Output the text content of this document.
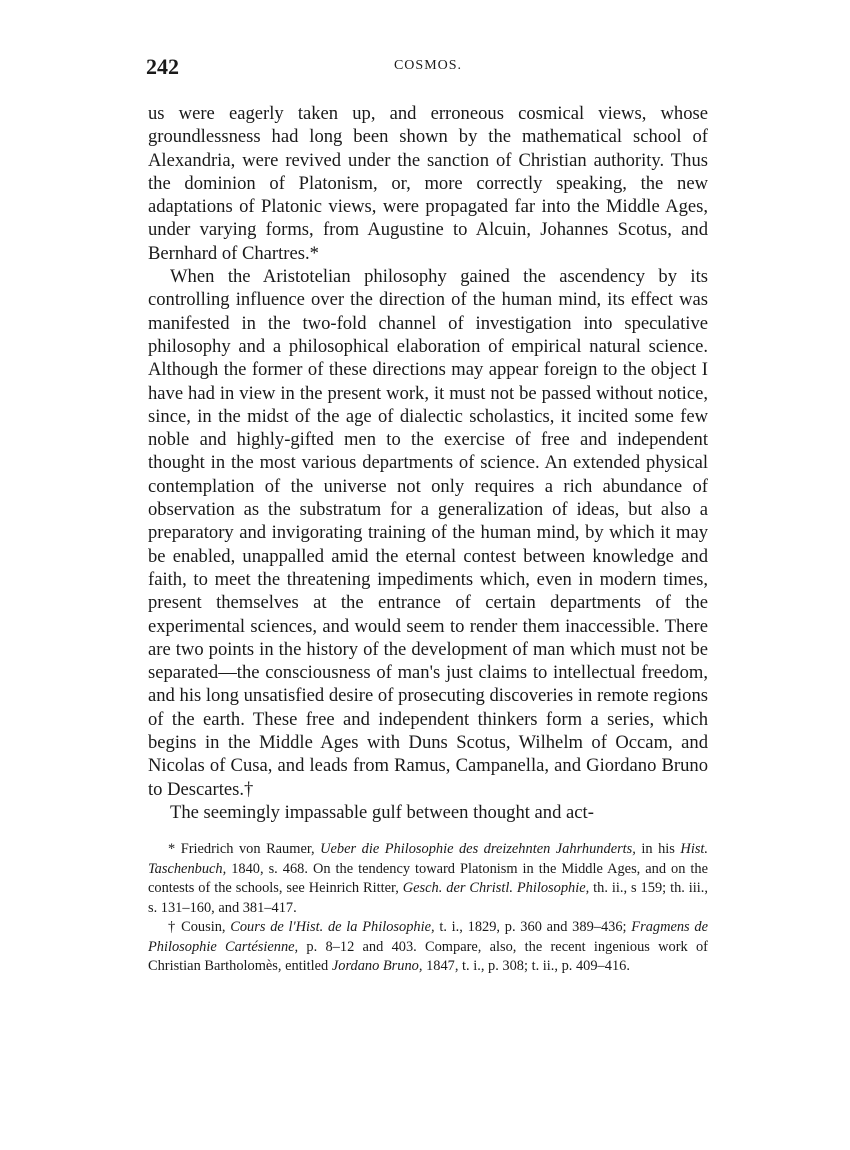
242	COSMOS.

us were eagerly taken up, and erroneous cosmical views, whose groundlessness had long been shown by the mathematical school of Alexandria, were revived under the sanction of Christian authority. Thus the dominion of Platonism, or, more correctly speaking, the new adaptations of Platonic views, were propagated far into the Middle Ages, under varying forms, from Augustine to Alcuin, Johannes Scotus, and Bernhard of Chartres.*

When the Aristotelian philosophy gained the ascendency by its controlling influence over the direction of the human mind, its effect was manifested in the two-fold channel of investigation into speculative philosophy and a philosophical elaboration of empirical natural science. Although the former of these directions may appear foreign to the object I have had in view in the present work, it must not be passed without notice, since, in the midst of the age of dialectic scholastics, it incited some few noble and highly-gifted men to the exercise of free and independent thought in the most various departments of science. An extended physical contemplation of the universe not only requires a rich abundance of observation as the substratum for a generalization of ideas, but also a preparatory and invigorating training of the human mind, by which it may be enabled, unappalled amid the eternal contest between knowledge and faith, to meet the threatening impediments which, even in modern times, present themselves at the entrance of certain departments of the experimental sciences, and would seem to render them inaccessible. There are two points in the history of the development of man which must not be separated—the consciousness of man's just claims to intellectual freedom, and his long unsatisfied desire of prosecuting discoveries in remote regions of the earth. These free and independent thinkers form a series, which begins in the Middle Ages with Duns Scotus, Wilhelm of Occam, and Nicolas of Cusa, and leads from Ramus, Campanella, and Giordano Bruno to Descartes.†

The seemingly impassable gulf between thought and act-

* Friedrich von Raumer, Ueber die Philosophie des dreizehnten Jahrhunderts, in his Hist. Taschenbuch, 1840, s. 468. On the tendency toward Platonism in the Middle Ages, and on the contests of the schools, see Heinrich Ritter, Gesch. der Christl. Philosophie, th. ii., s 159; th. iii., s. 131–160, and 381–417.

† Cousin, Cours de l'Hist. de la Philosophie, t. i., 1829, p. 360 and 389–436; Fragmens de Philosophie Cartésienne, p. 8–12 and 403. Compare, also, the recent ingenious work of Christian Bartholomès, entitled Jordano Bruno, 1847, t. i., p. 308; t. ii., p. 409–416.
